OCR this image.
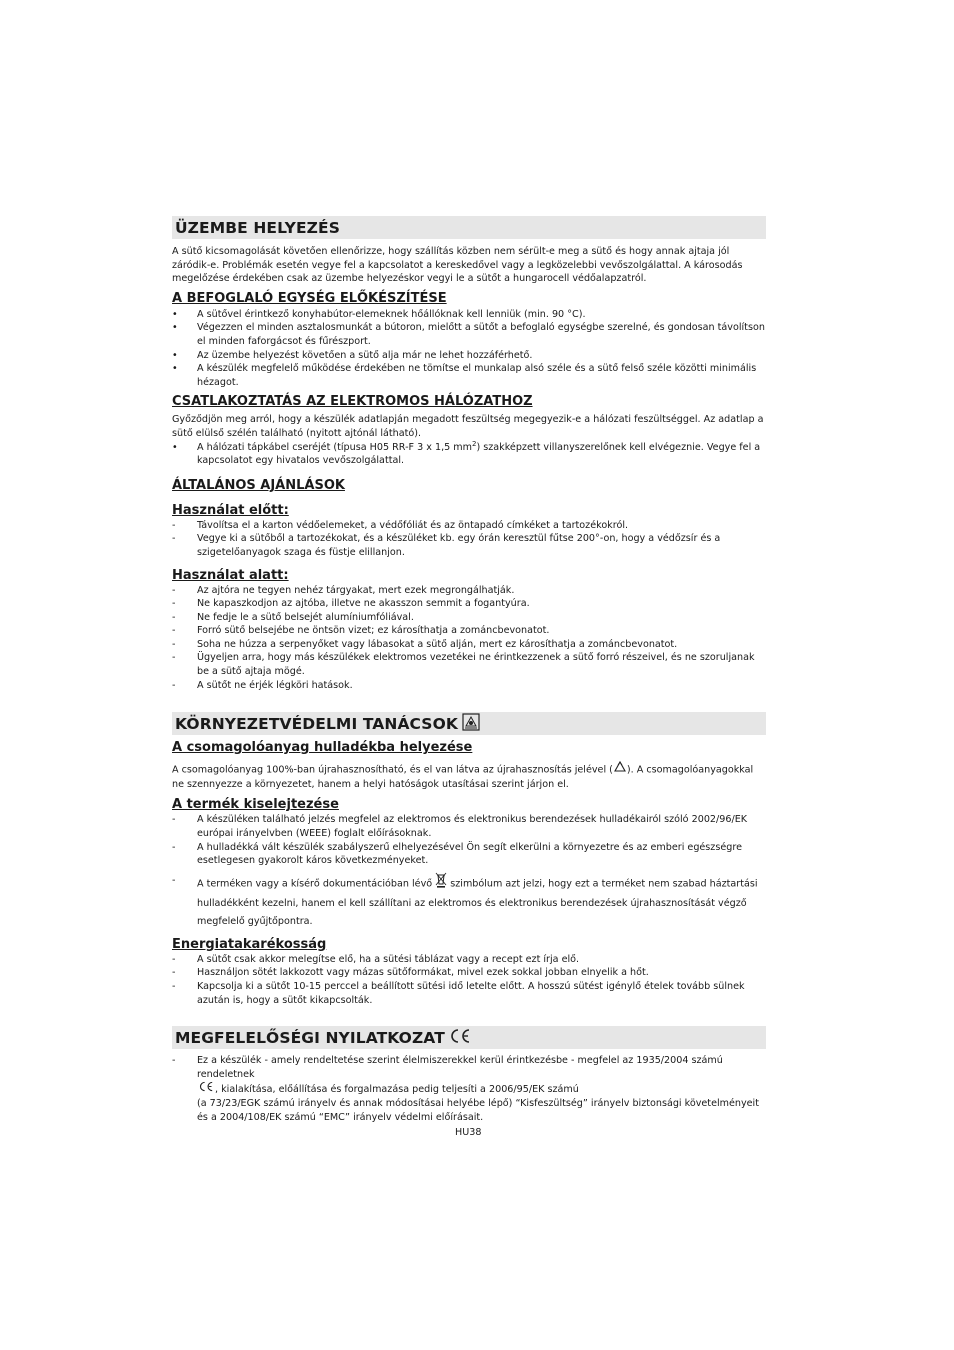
ÜZEMBE HELYEZÉS

A sütő kicsomagolását követően ellenőrizze, hogy szállítás közben nem sérült-e meg a sütő és hogy annak ajtaja jól záródik-e. Problémák esetén vegye fel a kapcsolatot a kereskedővel vagy a legközelebbi vevőszolgálattal. A károsodás megelőzése érdekében csak az üzembe helyezéskor vegyi le a sütőt a hungarocell védőalapzatról.

A BEFOGLALÓ EGYSÉG ELŐKÉSZÍTÉSE
• A sütővel érintkező konyhabútor-elemeknek hőállóknak kell lenniük (min. 90 °C).
• Végezzen el minden asztalosmunkát a bútoron, mielőtt a sütőt a befoglaló egységbe szerelné, és gondosan távolítson el minden faforgácsot és fűrészport.
• Az üzembe helyezést követően a sütő alja már ne lehet hozzáférhető.
• A készülék megfelelő működése érdekében ne tömítse el munkalap alsó széle és a sütő felső széle közötti minimális hézagot.
CSATLAKOZTATÁS AZ ELEKTROMOS HÁLÓZATHOZ

Győződjön meg arról, hogy a készülék adatlapján megadott feszültség megegyezik-e a hálózati feszültséggel. Az adatlap a sütő elülső szélén található (nyitott ajtónál látható).

• A hálózati tápkábel cseréjét (típusa H05 RR-F 3 x 1,5 $mm^2$) szakképzett villanyszerelőnek kell elvégeznie. Vegye fel a kapcsolatot egy hivatalos vevőszolgálattal.
ÁLTALÁNOS AJÁNLÁSOK
Használat előtt:
- Távolítsa el a karton védőelemeket, a védőfóliát és az öntapadó címkéket a tartozékokról.
- Vegye ki a sütőből a tartozékokat, és a készüléket kb. egy órán keresztül fűtse 200°-on, hogy a védőzsír és a szigetelőanyagok szaga és füstje elillanjon.
Használat alatt:
- Az ajtóra ne tegyen nehéz tárgyakat, mert ezek megrongálhatják.
- Ne kapaszkodjon az ajtóba, illetve ne akasszon semmit a fogantyúra.
- Ne fedje le a sütő belsejét alumíniumfóliával.
- Forró sütő belsejébe ne öntsön vizet; ez károsíthatja a zománcbevonatot.
- Soha ne húzza a serpenyőket vagy lábasokat a sütő alján, mert ez károsíthatja a zománcbevonatot.
- Ügyeljen arra, hogy más készülékek elektromos vezetékei ne érintkezzenek a sütő forró részeivel, és ne szoruljanak be a sütő ajtaja mögé.
- A sütőt ne érjék légköri hatások.
KÖRNYEZETVÉDELMI TANÁCSOK
A csomagolóanyag hulladékba helyezése

A csomagolóanyag 100%-ban újrahasznosítható, és el van látva az újrahasznosítás jelével ( ). A csomagolóanyagokkal ne szennyezze a környezetet, hanem a helyi hatóságok utasításai szerint járjon el.

A termék kiselejtezése
- A készüléken található jelzés megfelel az elektromos és elektronikus berendezések hulladékairól szóló 2002/96/EK európai irányelvben (WEEE) foglalt előírásoknak.
- A hulladékká vált készülék szabályszerű elhelyezésével Ön segít elkerülni a környezetre és az emberi egészségre esetlegesen gyakorolt káros következményeket.
- A terméken vagy a kísérő dokumentációban lévő szimbólum azt jelzi, hogy ezt a terméket nem szabad háztartási hulladékként kezelni, hanem el kell szállítani az elektromos és elektronikus berendezések újrahasznosítását végző megfelelő gyűjtőpontra.
Energiatakarékosság
- A sütőt csak akkor melegítse elő, ha a sütési táblázat vagy a recept ezt írja elő.
- Használjon sötét lakkozott vagy mázas sütőformákat, mivel ezek sokkal jobban elnyelik a hőt.
- Kapcsolja ki a sütőt 10-15 perccel a beállított sütési idő letelte előtt. A hosszú sütést igénylő ételek tovább sülnek azután is, hogy a sütőt kikapcsolták.
MEGFELELŐSÉGI NYILATKOZAT
- Ez a készülék - amely rendeltetése szerint élelmiszerekkel kerül érintkezésbe - megfelel az 1935/2004 számú rendeletnek
, kialakítása, előállítása és forgalmazása pedig teljesíti a 2006/95/EK számú
(a 73/23/EGK számú irányelv és annak módosításai helyébe lépő) “Kisfeszültség” irányelv biztonsági követelményeit és a 2004/108/EK számú “EMC” irányelv védelmi előírásait.
HU38
